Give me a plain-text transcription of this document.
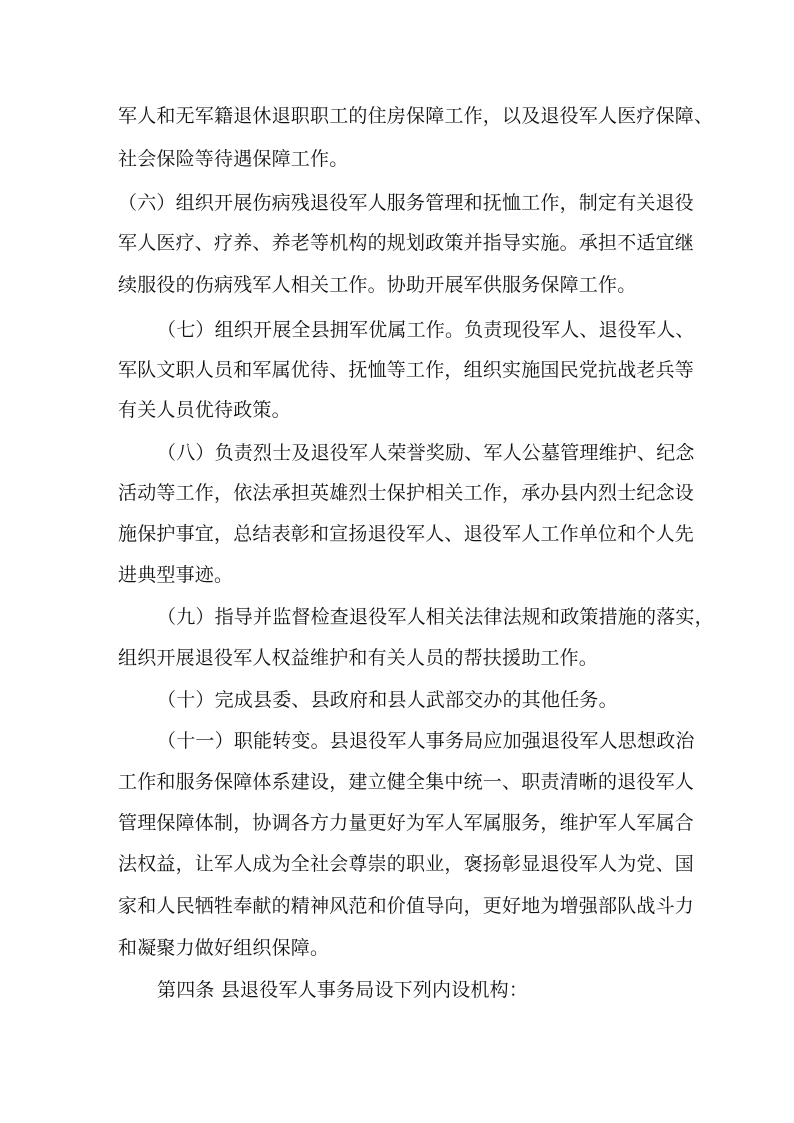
军人和无军籍退休退职职工的住房保障工作，以及退役军人医疗保障、
社会保险等待遇保障工作。
（六）组织开展伤病残退役军人服务管理和抚恤工作，制定有关退役
军人医疗、疗养、养老等机构的规划政策并指导实施。承担不适宜继
续服役的伤病残军人相关工作。协助开展军供服务保障工作。
（七）组织开展全县拥军优属工作。负责现役军人、退役军人、
军队文职人员和军属优待、抚恤等工作，组织实施国民党抗战老兵等
有关人员优待政策。
（八）负责烈士及退役军人荣誉奖励、军人公墓管理维护、纪念
活动等工作，依法承担英雄烈士保护相关工作，承办县内烈士纪念设
施保护事宜，总结表彰和宣扬退役军人、退役军人工作单位和个人先
进典型事迹。
（九）指导并监督检查退役军人相关法律法规和政策措施的落实，
组织开展退役军人权益维护和有关人员的帮扶援助工作。
（十）完成县委、县政府和县人武部交办的其他任务。
（十一）职能转变。县退役军人事务局应加强退役军人思想政治
工作和服务保障体系建设，建立健全集中统一、职责清晰的退役军人
管理保障体制，协调各方力量更好为军人军属服务，维护军人军属合
法权益，让军人成为全社会尊崇的职业，褒扬彰显退役军人为党、国
家和人民牺牲奉献的精神风范和价值导向，更好地为增强部队战斗力
和凝聚力做好组织保障。
第四条 县退役军人事务局设下列内设机构：
